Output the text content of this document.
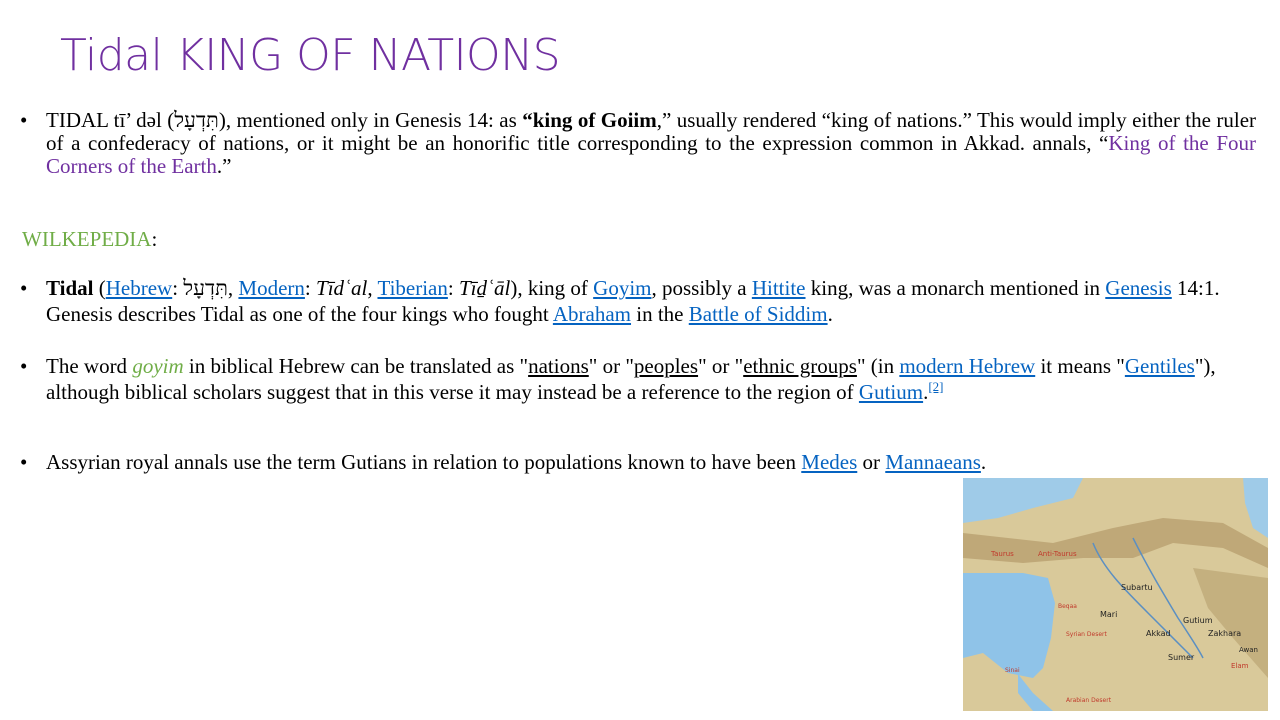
Tidal KING OF NATIONS
• TIDAL tī’ dəl (תִּדְעָל), mentioned only in Genesis 14: as “king of Goiim,” usually rendered “king of nations.” This would imply either the ruler of a confederacy of nations, or it might be an honorific title corresponding to the expression common in Akkad. annals, “King of the Four Corners of the Earth.”
WILKEPEDIA:
• Tidal (Hebrew: תִּדְעָל, Modern: Tīdʿal, Tiberian: Tīḏʿāl), king of Goyim, possibly a Hittite king, was a monarch mentioned in Genesis 14:1. Genesis describes Tidal as one of the four kings who fought Abraham in the Battle of Siddim.
• The word goyim in biblical Hebrew can be translated as "nations" or "peoples" or "ethnic groups" (in modern Hebrew it means "Gentiles"), although biblical scholars suggest that in this verse it may instead be a reference to the region of Gutium.[2]
• Assyrian royal annals use the term Gutians in relation to populations known to have been Medes or Mannaeans.
Taurus	Anti-Taurus
Subartu
Mari
Gutium
Beqaa
Akkad	Zakhara
Syrian Desert
Awan
Sumer
Elam
Sinai
Arabian Desert
